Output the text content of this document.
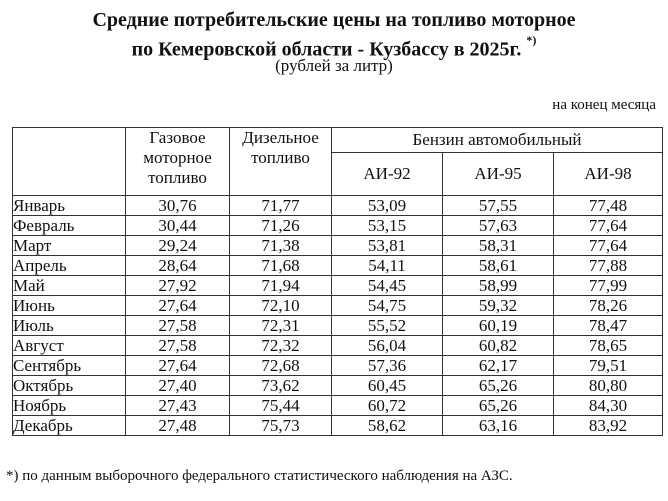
Средние потребительские цены на топливо моторное
по Кемеровской области - Кузбассу в 2025г. *)
(рублей за литр)
на конец месяца
	Газовое моторное топливо	Дизельное топливо	Бензин автомобильный		
			АИ-92	АИ-95	АИ-98
Январь	30,76	71,77	53,09	57,55	77,48
Февраль	30,44	71,26	53,15	57,63	77,64
Март	29,24	71,38	53,81	58,31	77,64
Апрель	28,64	71,68	54,11	58,61	77,88
Май	27,92	71,94	54,45	58,99	77,99
Июнь	27,64	72,10	54,75	59,32	78,26
Июль	27,58	72,31	55,52	60,19	78,47
Август	27,58	72,32	56,04	60,82	78,65
Сентябрь	27,64	72,68	57,36	62,17	79,51
Октябрь	27,40	73,62	60,45	65,26	80,80
Ноябрь	27,43	75,44	60,72	65,26	84,30
Декабрь	27,48	75,73	58,62	63,16	83,92
*) по данным выборочного федерального статистического наблюдения на АЗС.
